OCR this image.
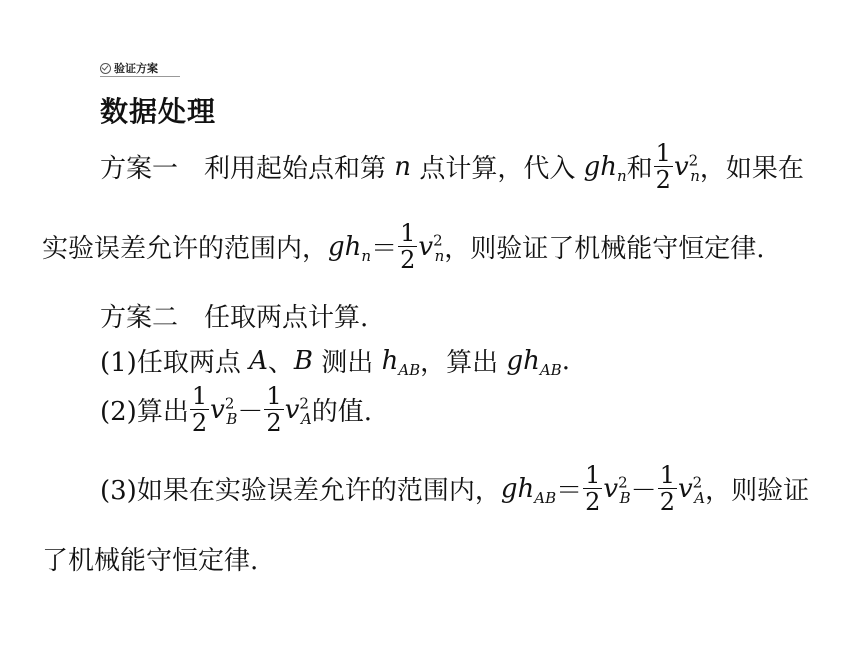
验证方案
数据处理
方案一 利用起始点和第
n
点计算，代入
$gh_n$ 和 $\frac{1}{2} v^2_n$ ，如果在
实验误差允许的范围内， $gh_n = \frac{1}{2} v^2_n$ ，则验证了机械能守恒定律.
方案二 任取两点计算.
(1)任取两点
A 、 B
测出
$h_{AB}$ ，算出
$gh_{AB}$ .
(2)算出 $\frac{1}{2} v^2_B - \frac{1}{2} v^2_A$ 的值.
(3)如果在实验误差允许的范围内， $gh_{AB} = \frac{1}{2} v^2_B - \frac{1}{2} v^2_A$ ，则验证
了机械能守恒定律.
